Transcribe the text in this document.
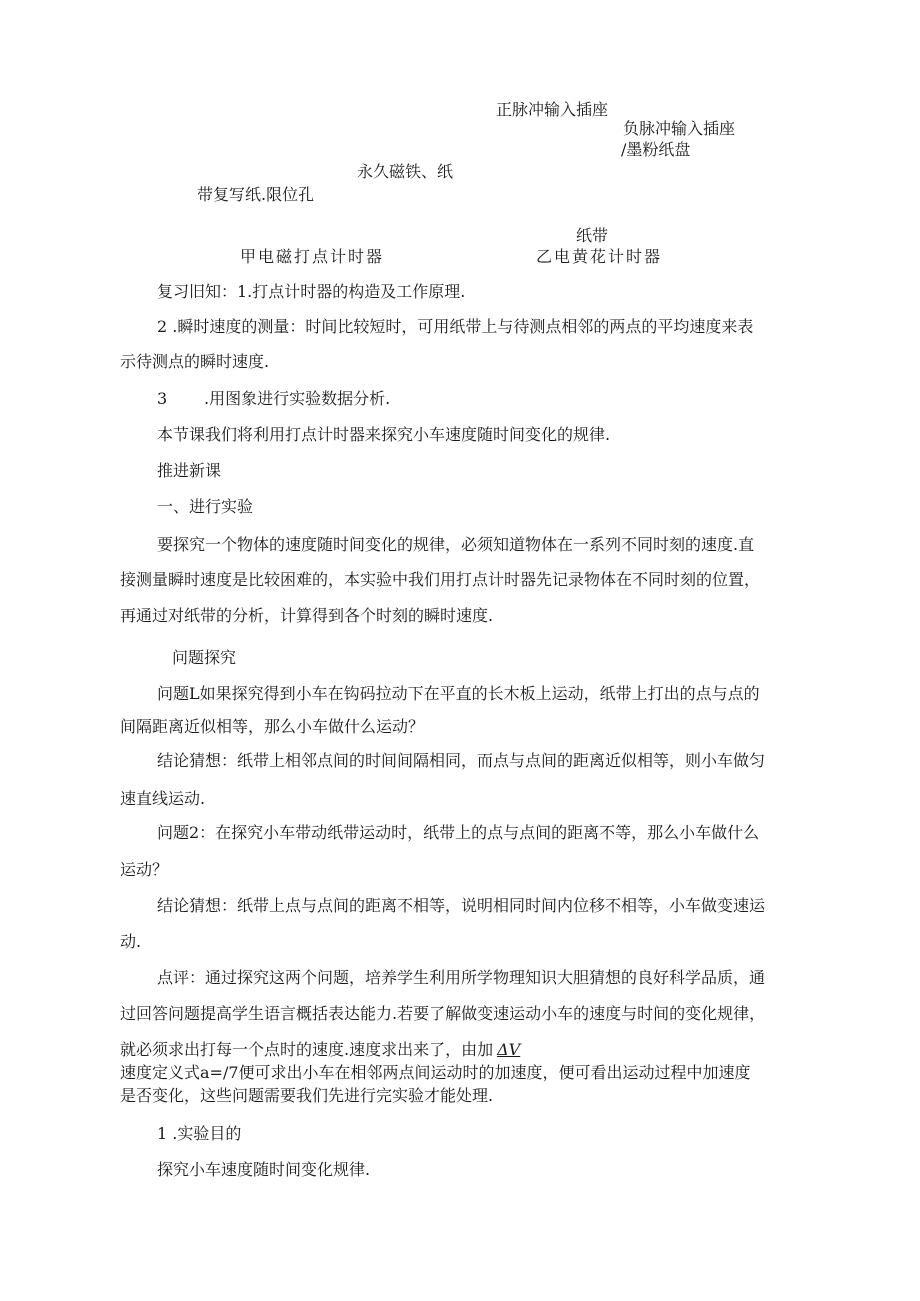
正脉冲输入插座
负脉冲输入插座
/墨粉纸盘
永久磁铁、纸
带复写纸.限位孔
纸带
甲电磁打点计时器	乙电黄花计时器
复习旧知：1.打点计时器的构造及工作原理.
2 .瞬时速度的测量：时间比较短时，可用纸带上与待测点相邻的两点的平均速度来表
示待测点的瞬时速度.
3 .用图象进行实验数据分析.
本节课我们将利用打点计时器来探究小车速度随时间变化的规律.
推进新课
一、进行实验
要探究一个物体的速度随时间变化的规律，必须知道物体在一系列不同时刻的速度.直
接测量瞬时速度是比较困难的，本实验中我们用打点计时器先记录物体在不同时刻的位置，
再通过对纸带的分析，计算得到各个时刻的瞬时速度.
问题探究
问题L如果探究得到小车在钩码拉动下在平直的长木板上运动，纸带上打出的点与点的
间隔距离近似相等，那么小车做什么运动？
结论猜想：纸带上相邻点间的时间间隔相同，而点与点间的距离近似相等，则小车做匀
速直线运动.
问题2：在探究小车带动纸带运动时，纸带上的点与点间的距离不等，那么小车做什么
运动？
结论猜想：纸带上点与点间的距离不相等，说明相同时间内位移不相等，小车做变速运
动.
点评：通过探究这两个问题，培养学生利用所学物理知识大胆猜想的良好科学品质，通
过回答问题提高学生语言概括表达能力.若要了解做变速运动小车的速度与时间的变化规律，
就必须求出打每一个点时的速度.速度求出来了，由加 ΔV
速度定义式a=/7便可求出小车在相邻两点间运动时的加速度，便可看出运动过程中加速度
是否变化，这些问题需要我们先进行完实验才能处理.
1 .实验目的
探究小车速度随时间变化规律.
